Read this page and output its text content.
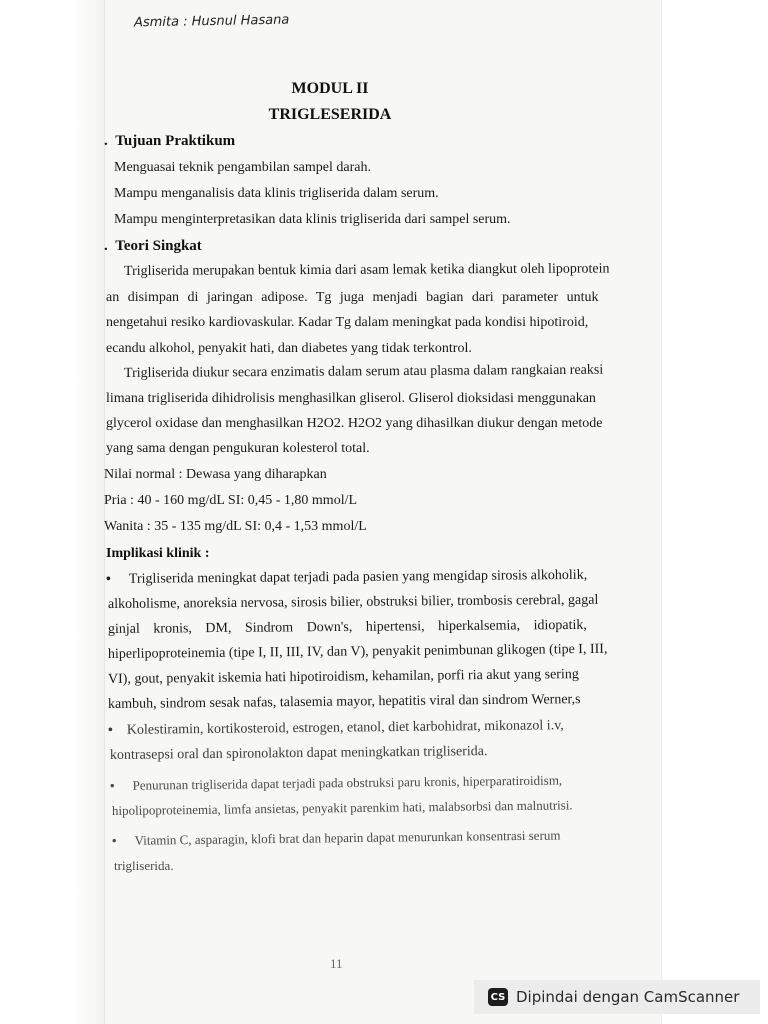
Asmita : Husnul Hasana
MODUL II
TRIGLESERIDA
.  Tujuan Praktikum
Menguasai teknik pengambilan sampel darah.
Mampu menganalisis data klinis trigliserida dalam serum.
Mampu menginterpretasikan data klinis trigliserida dari sampel serum.
.  Teori Singkat
Trigliserida merupakan bentuk kimia dari asam lemak ketika diangkut oleh lipoprotein
an disimpan di jaringan adipose. Tg juga menjadi bagian dari parameter untuk
nengetahui resiko kardiovaskular. Kadar Tg dalam meningkat pada kondisi hipotiroid,
ecandu alkohol, penyakit hati, dan diabetes yang tidak terkontrol.
Trigliserida diukur secara enzimatis dalam serum atau plasma dalam rangkaian reaksi
limana trigliserida dihidrolisis menghasilkan gliserol. Gliserol dioksidasi menggunakan
glycerol oxidase dan menghasilkan H2O2. H2O2 yang dihasilkan diukur dengan metode
yang sama dengan pengukuran kolesterol total.
Nilai normal : Dewasa yang diharapkan
Pria : 40 - 160 mg/dL SI: 0,45 - 1,80 mmol/L
Wanita : 35 - 135 mg/dL SI: 0,4 - 1,53 mmol/L
Implikasi klinik :
• Trigliserida meningkat dapat terjadi pada pasien yang mengidap sirosis alkoholik,
alkoholisme, anoreksia nervosa, sirosis bilier, obstruksi bilier, trombosis cerebral, gagal
ginjal kronis, DM, Sindrom Down's, hipertensi, hiperkalsemia, idiopatik,
hiperlipoproteinemia (tipe I, II, III, IV, dan V), penyakit penimbunan glikogen (tipe I, III,
VI), gout, penyakit iskemia hati hipotiroidism, kehamilan, porfi ria akut yang sering
kambuh, sindrom sesak nafas, talasemia mayor, hepatitis viral dan sindrom Werner,s
• Kolestiramin, kortikosteroid, estrogen, etanol, diet karbohidrat, mikonazol i.v,
kontrasepsi oral dan spironolakton dapat meningkatkan trigliserida.
• Penurunan trigliserida dapat terjadi pada obstruksi paru kronis, hiperparatiroidism,
hipolipoproteinemia, limfa ansietas, penyakit parenkim hati, malabsorbsi dan malnutrisi.
• Vitamin C, asparagin, klofi brat dan heparin dapat menurunkan konsentrasi serum
trigliserida.
11
CS Dipindai dengan CamScanner
